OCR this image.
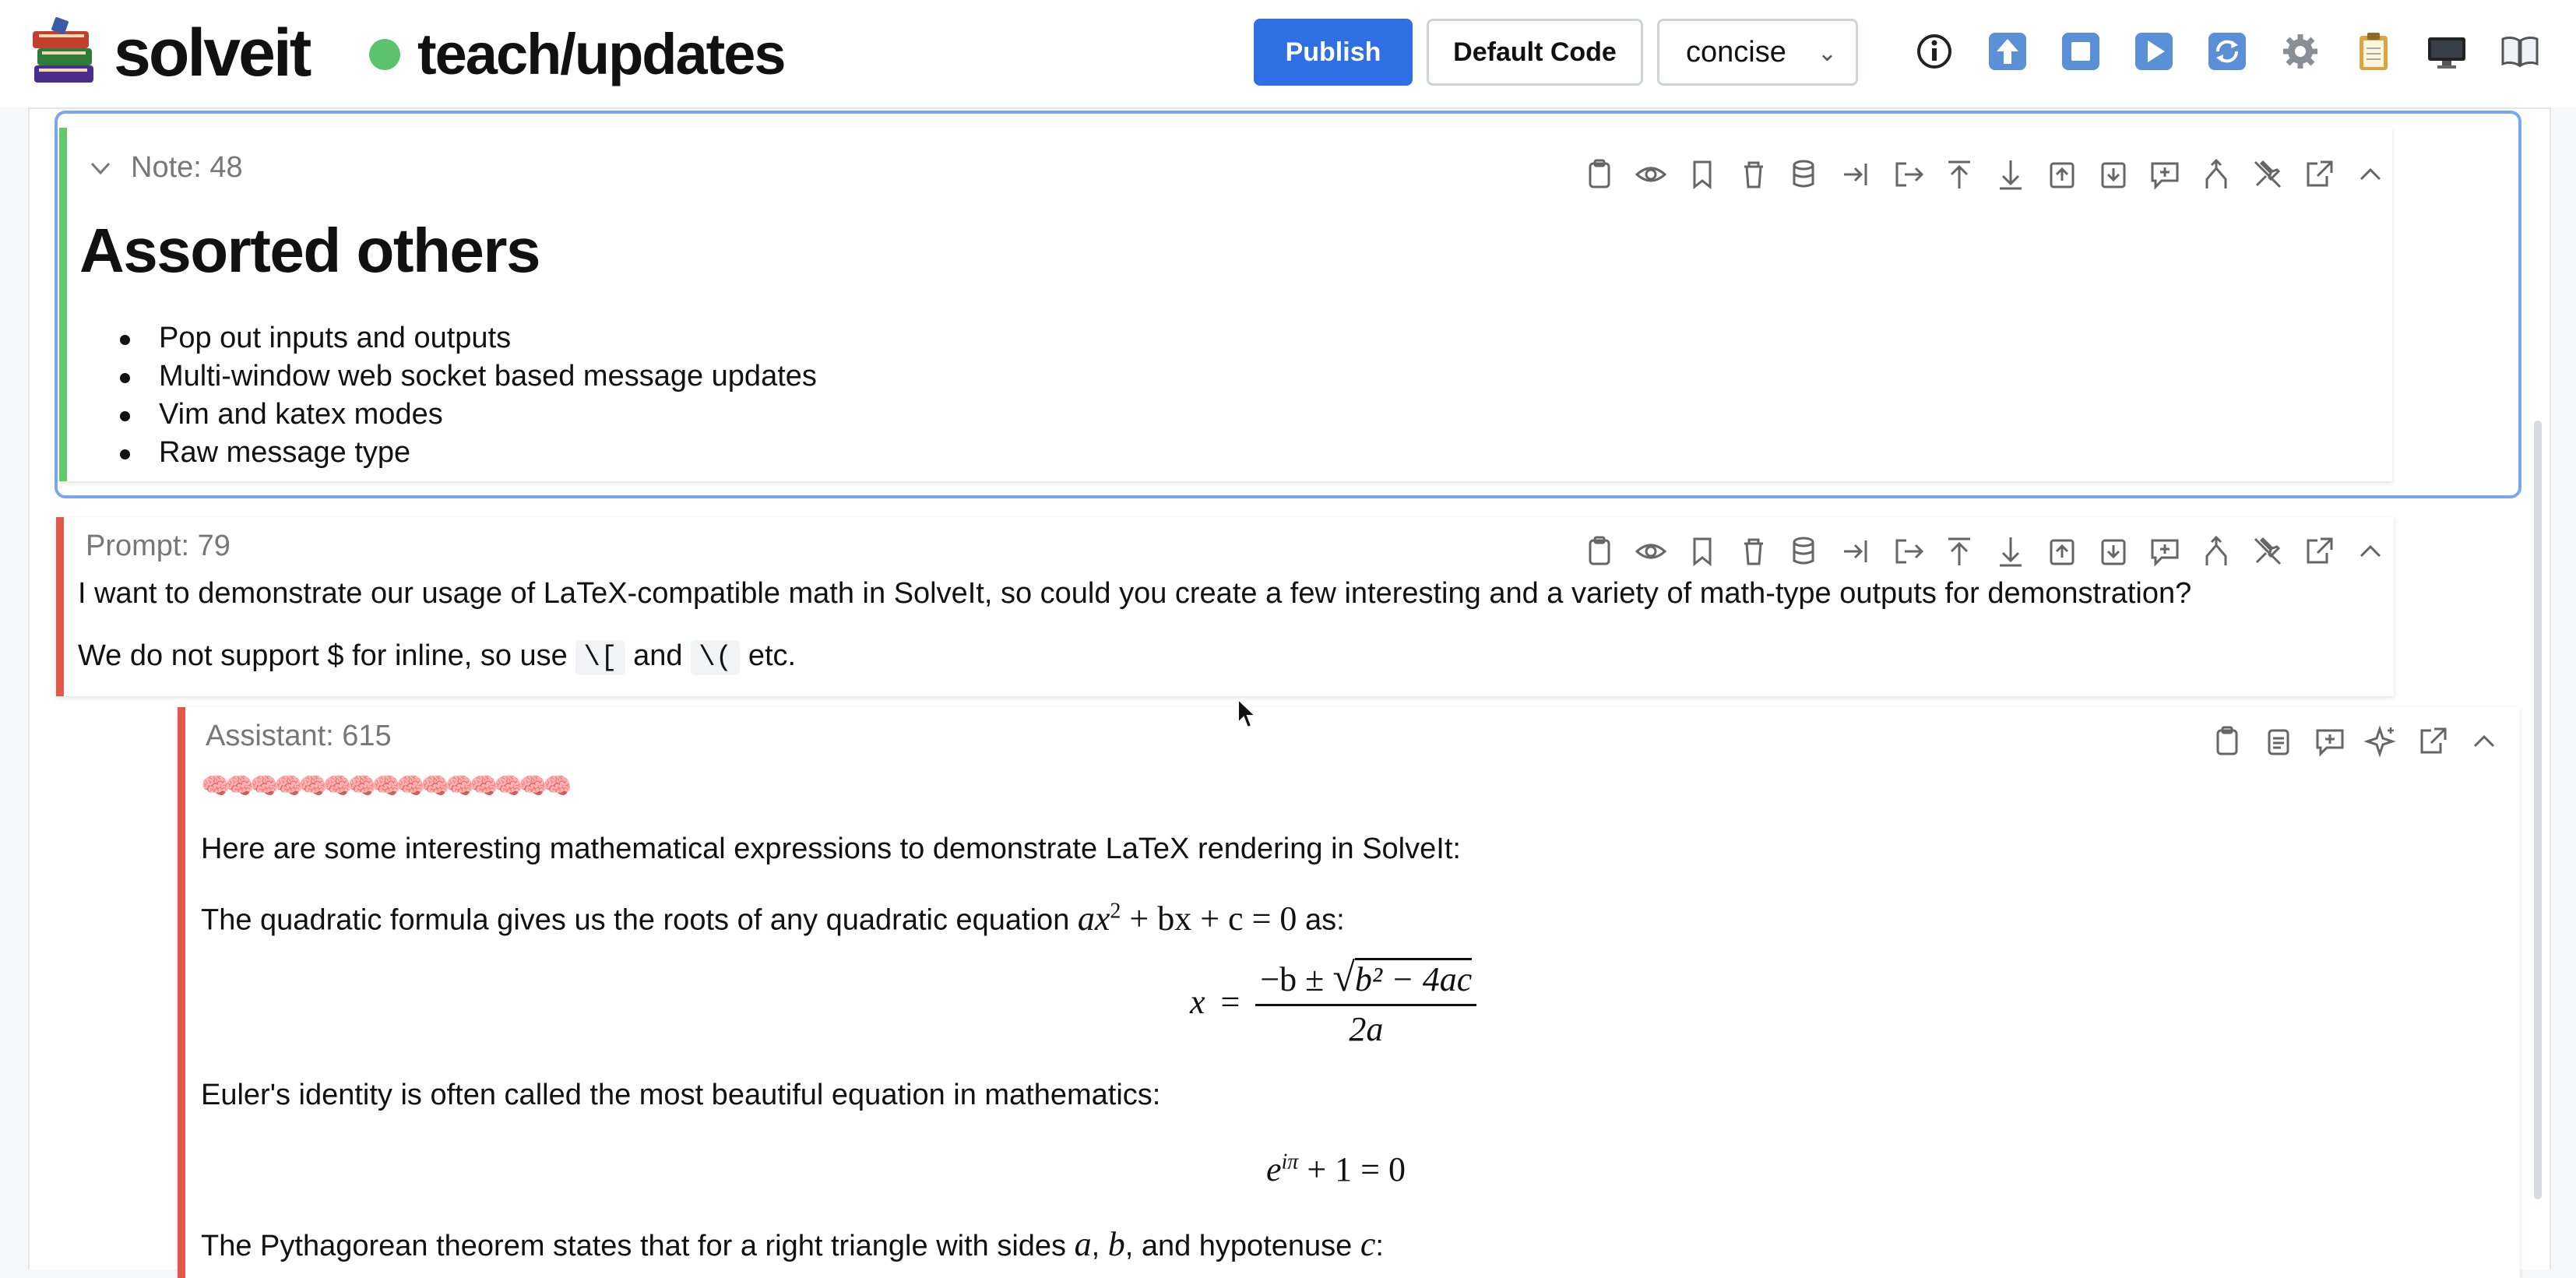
solveit teach/updates	Publish	Default Code	concise ⌄
Note: 48
Assorted others
Pop out inputs and outputs
Multi-window web socket based message updates
Vim and katex modes
Raw message type
Prompt: 79
I want to demonstrate our usage of LaTeX-compatible math in SolveIt, so could you create a few interesting and a variety of math-type outputs for demonstration?
We do not support $ for inline, so use \[ and \( etc.
Assistant: 615
🧠🧠🧠🧠🧠🧠🧠🧠🧠🧠🧠🧠🧠🧠🧠
Here are some interesting mathematical expressions to demonstrate LaTeX rendering in SolveIt:
The quadratic formula gives us the roots of any quadratic equation $ax^2$ + bx + c = 0 as:
$x = \frac{\text{−b ± √b² − 4ac}}{2a}$
Euler's identity is often called the most beautiful equation in mathematics:
$e^{i\pi} + 1 = 0$
The Pythagorean theorem states that for a right triangle with sides a, b, and hypotenuse c:
